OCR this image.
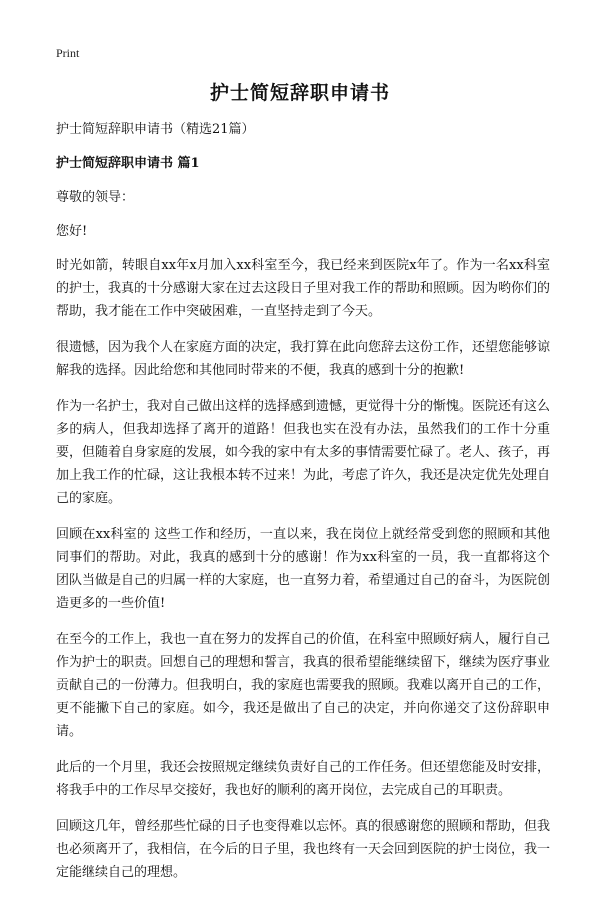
Print
护士简短辞职申请书
护士简短辞职申请书（精选21篇）
护士简短辞职申请书 篇1
尊敬的领导：
您好!
时光如箭，转眼自xx年x月加入xx科室至今，我已经来到医院x年了。作为一名xx科室的护士，我真的十分感谢大家在过去这段日子里对我工作的帮助和照顾。因为哟你们的帮助，我才能在工作中突破困难，一直坚持走到了今天。
很遗憾，因为我个人在家庭方面的决定，我打算在此向您辞去这份工作，还望您能够谅解我的选择。因此给您和其他同时带来的不便，我真的感到十分的抱歉!
作为一名护士，我对自己做出这样的选择感到遗憾，更觉得十分的惭愧。医院还有这么多的病人，但我却选择了离开的道路！但我也实在没有办法，虽然我们的工作十分重要，但随着自身家庭的发展，如今我的家中有太多的事情需要忙碌了。老人、孩子，再加上我工作的忙碌，这让我根本转不过来！为此，考虑了许久，我还是决定优先处理自己的家庭。
回顾在xx科室的 这些工作和经历，一直以来，我在岗位上就经常受到您的照顾和其他同事们的帮助。对此，我真的感到十分的感谢！作为xx科室的一员，我一直都将这个团队当做是自己的归属一样的大家庭，也一直努力着，希望通过自己的奋斗，为医院创造更多的一些价值!
在至今的工作上，我也一直在努力的发挥自己的价值，在科室中照顾好病人，履行自己作为护士的职责。回想自己的理想和誓言，我真的很希望能继续留下，继续为医疗事业贡献自己的一份薄力。但我明白，我的家庭也需要我的照顾。我难以离开自己的工作，更不能撇下自己的家庭。如今，我还是做出了自己的决定，并向你递交了这份辞职申请。
此后的一个月里，我还会按照规定继续负责好自己的工作任务。但还望您能及时安排，将我手中的工作尽早交接好，我也好的顺利的离开岗位，去完成自己的耳职责。
回顾这几年，曾经那些忙碌的日子也变得难以忘怀。真的很感谢您的照顾和帮助，但我也必须离开了，我相信，在今后的日子里，我也终有一天会回到医院的护士岗位，我一定能继续自己的理想。
